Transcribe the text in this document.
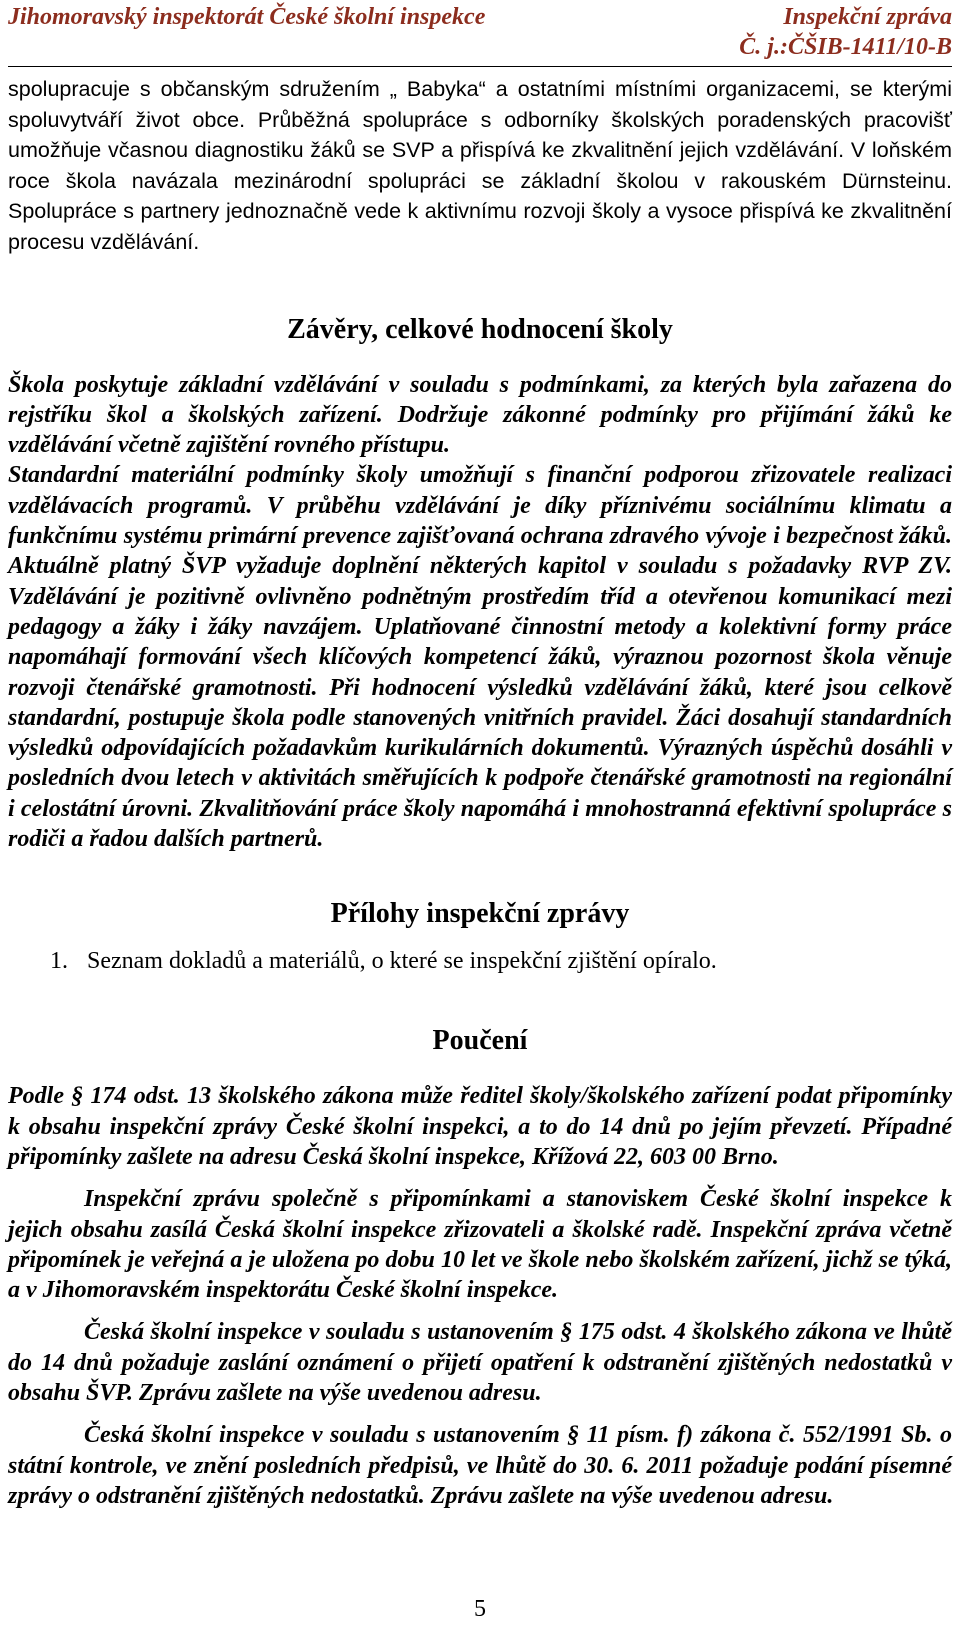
Jihomoravský inspektorát České školní inspekce	Inspekční zpráva
Č. j.:ČŠIB-1411/10-B

spolupracuje s občanským sdružením „ Babyka“ a ostatními místními organizacemi, se kterými spoluvytváří život obce. Průběžná spolupráce s odborníky školských poradenských pracovišť umožňuje včasnou diagnostiku žáků se SVP a přispívá ke zkvalitnění jejich vzdělávání. V loňském roce škola navázala mezinárodní spolupráci se základní školou v rakouském Dürnsteinu. Spolupráce s partnery jednoznačně vede k aktivnímu rozvoji školy a vysoce přispívá ke zkvalitnění procesu vzdělávání.

Závěry, celkové hodnocení školy

Škola poskytuje základní vzdělávání v souladu s podmínkami, za kterých byla zařazena do rejstříku škol a školských zařízení. Dodržuje zákonné podmínky pro přijímání žáků ke vzdělávání včetně zajištění rovného přístupu.

Standardní materiální podmínky školy umožňují s finanční podporou zřizovatele realizaci vzdělávacích programů. V průběhu vzdělávání je díky příznivému sociálnímu klimatu a funkčnímu systému primární prevence zajišťovaná ochrana zdravého vývoje i bezpečnost žáků. Aktuálně platný ŠVP vyžaduje doplnění některých kapitol v souladu s požadavky RVP ZV. Vzdělávání je pozitivně ovlivněno podnětným prostředím tříd a otevřenou komunikací mezi pedagogy a žáky i žáky navzájem. Uplatňované činnostní metody a kolektivní formy práce napomáhají formování všech klíčových kompetencí žáků, výraznou pozornost škola věnuje rozvoji čtenářské gramotnosti. Při hodnocení výsledků vzdělávání žáků, které jsou celkově standardní, postupuje škola podle stanovených vnitřních pravidel. Žáci dosahují standardních výsledků odpovídajících požadavkům kurikulárních dokumentů. Výrazných úspěchů dosáhli v posledních dvou letech v aktivitách směřujících k podpoře čtenářské gramotnosti na regionální i celostátní úrovni. Zkvalitňování práce školy napomáhá i mnohostranná efektivní spolupráce s rodiči a řadou dalších partnerů.

Přílohy inspekční zprávy

1. Seznam dokladů a materiálů, o které se inspekční zjištění opíralo.

Poučení

Podle § 174 odst. 13 školského zákona může ředitel školy/školského zařízení podat připomínky k obsahu inspekční zprávy České školní inspekci, a to do 14 dnů po jejím převzetí. Případné připomínky zašlete na adresu Česká školní inspekce, Křížová 22, 603 00 Brno.

Inspekční zprávu společně s připomínkami a stanoviskem České školní inspekce k jejich obsahu zasílá Česká školní inspekce zřizovateli a školské radě. Inspekční zpráva včetně připomínek je veřejná a je uložena po dobu 10 let ve škole nebo školském zařízení, jichž se týká, a v Jihomoravském inspektorátu České školní inspekce.

Česká školní inspekce v souladu s ustanovením § 175 odst. 4 školského zákona ve lhůtě do 14 dnů požaduje zaslání oznámení o přijetí opatření k odstranění zjištěných nedostatků v obsahu ŠVP. Zprávu zašlete na výše uvedenou adresu.

Česká školní inspekce v souladu s ustanovením § 11 písm. f) zákona č. 552/1991 Sb. o státní kontrole, ve znění posledních předpisů, ve lhůtě do 30. 6. 2011 požaduje podání písemné zprávy o odstranění zjištěných nedostatků. Zprávu zašlete na výše uvedenou adresu.

5
